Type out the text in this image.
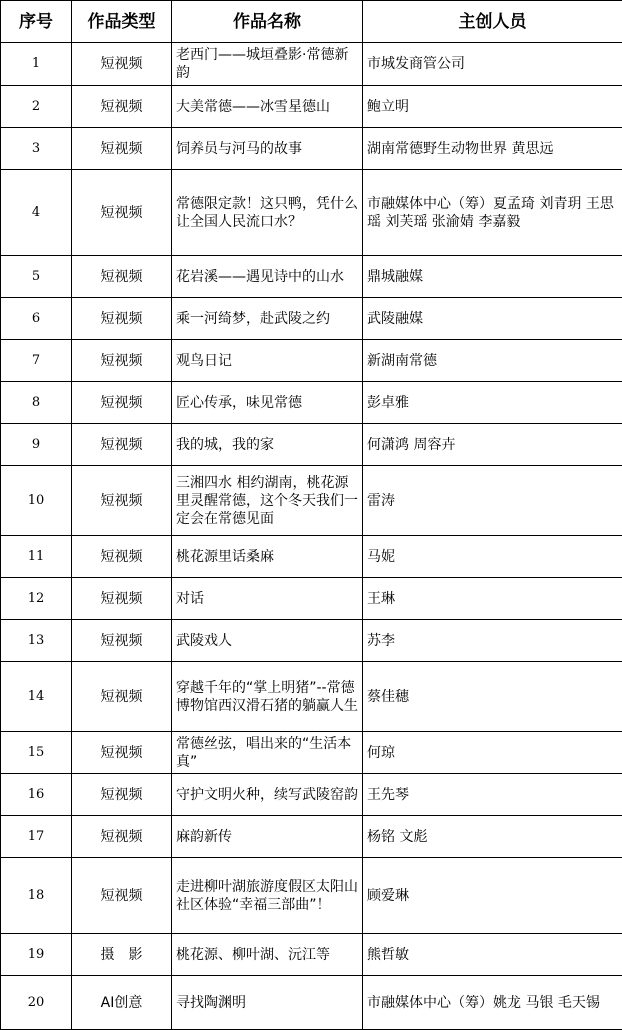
序号	作品类型	作品名称	主创人员
1	短视频	老西门——城垣叠影·常德新韵	市城发商管公司
2	短视频	大美常德——冰雪星德山	鲍立明
3	短视频	饲养员与河马的故事	湖南常德野生动物世界 黄思远
4	短视频	常德限定款！这只鸭，凭什么让全国人民流口水？	市融媒体中心（筹）夏孟琦 刘青玥 王思瑶 刘芙瑶 张渝婧 李嘉毅
5	短视频	花岩溪——遇见诗中的山水	鼎城融媒
6	短视频	乘一河绮梦，赴武陵之约	武陵融媒
7	短视频	观鸟日记	新湖南常德
8	短视频	匠心传承，味见常德	彭卓雅
9	短视频	我的城，我的家	何潇鸿 周容卉
10	短视频	三湘四水 相约湖南，桃花源里灵醒常德，这个冬天我们一定会在常德见面	雷涛
11	短视频	桃花源里话桑麻	马妮
12	短视频	对话	王琳
13	短视频	武陵戏人	苏李
14	短视频	穿越千年的“掌上明猪”--常德博物馆西汉滑石猪的躺赢人生	蔡佳穗
15	短视频	常德丝弦，唱出来的“生活本真”	何琼
16	短视频	守护文明火种，续写武陵窑韵	王先琴
17	短视频	麻韵新传	杨铭 文彪
18	短视频	走进柳叶湖旅游度假区太阳山社区体验“幸福三部曲”！	顾爱琳
19	摄　影	桃花源、柳叶湖、沅江等	熊哲敏
20	AI创意	寻找陶渊明	市融媒体中心（筹）姚龙 马银 毛天锡
